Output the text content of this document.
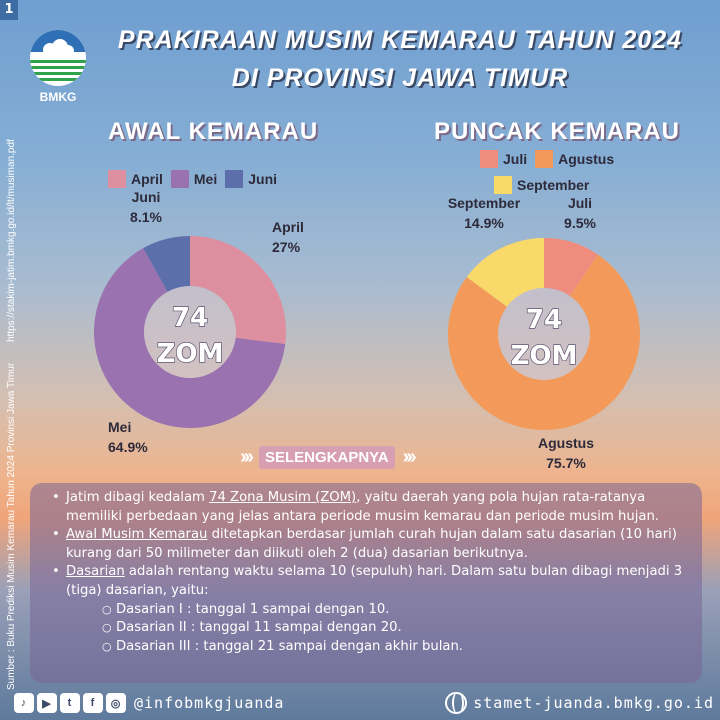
1
Sumber : Buku Prediksi Musim Kemarau Tahun 2024 Provinsi Jawa Timur https://stakim-jatim.bmkg.go.id/lt/musiman.pdf
BMKG
PRAKIRAAN MUSIM KEMARAU TAHUN 2024
DI PROVINSI JAWA TIMUR
AWAL KEMARAU	PUNCAK KEMARAU
April Mei Juni
Juli Agustus
September
74
ZOM
April
27%
Mei
64.9%
Juni
8.1%
74
ZOM
Juli
9.5%
Agustus
75.7%
September
14.9%
››› SELENGKAPNYA ›››
• Jatim dibagi kedalam 74 Zona Musim (ZOM), yaitu daerah yang pola hujan rata-ratanya memiliki perbedaan yang jelas antara periode musim kemarau dan periode musim hujan.
• Awal Musim Kemarau ditetapkan berdasar jumlah curah hujan dalam satu dasarian (10 hari) kurang dari 50 milimeter dan diikuti oleh 2 (dua) dasarian berikutnya.
• Dasarian adalah rentang waktu selama 10 (sepuluh) hari. Dalam satu bulan dibagi menjadi 3 (tiga) dasarian, yaitu:
○ Dasarian I : tanggal 1 sampai dengan 10.
○ Dasarian II : tanggal 11 sampai dengan 20.
○ Dasarian III : tanggal 21 sampai dengan akhir bulan.
♪	▶	t	f	◎ @infobmkgjuanda	stamet-juanda.bmkg.go.id
